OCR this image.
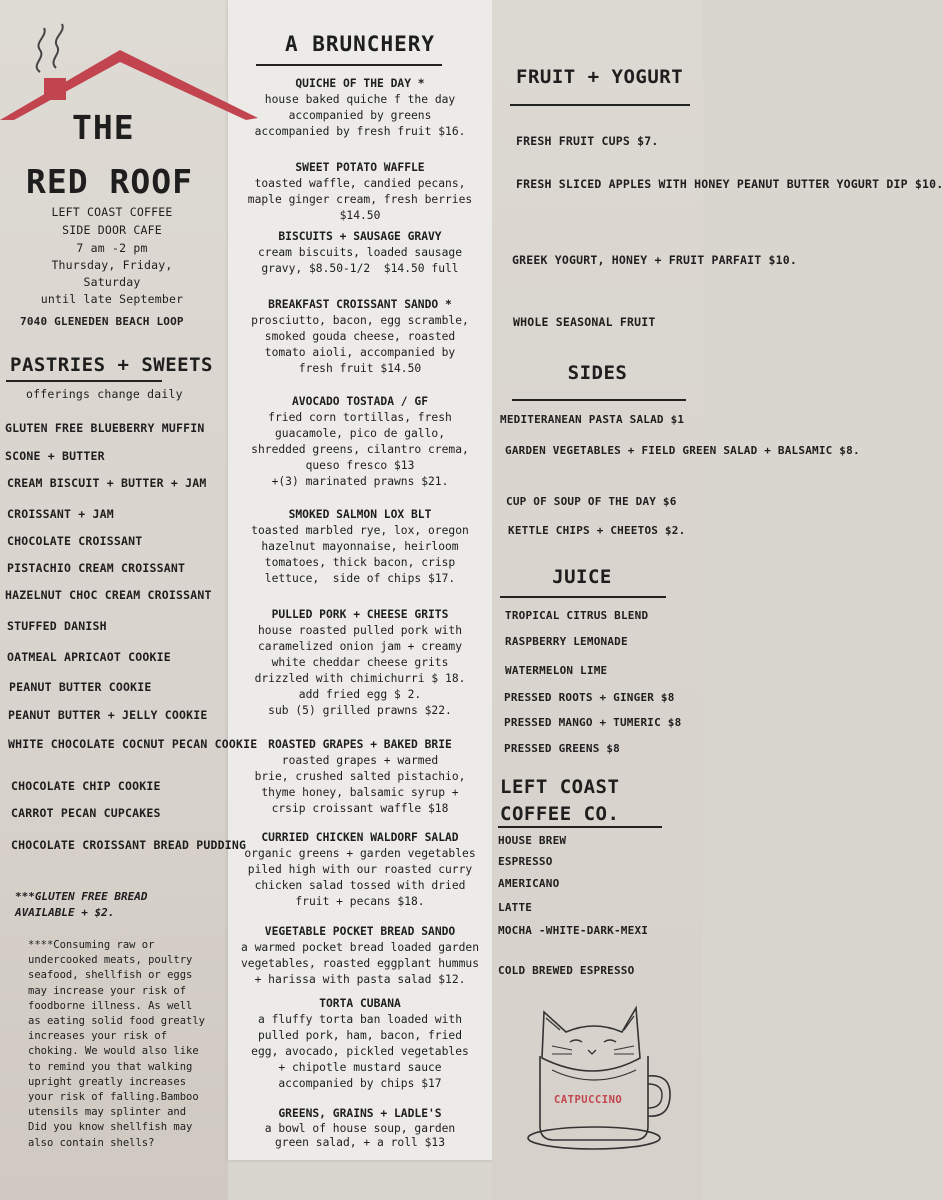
THE
RED ROOF
LEFT COAST COFFEE
SIDE DOOR CAFE
7 am -2 pm
Thursday, Friday,
Saturday
until late September
7040 GLENEDEN BEACH LOOP
PASTRIES + SWEETS
offerings change daily
GLUTEN FREE BLUEBERRY MUFFIN
SCONE + BUTTER
CREAM BISCUIT + BUTTER + JAM
CROISSANT + JAM
CHOCOLATE CROISSANT
PISTACHIO CREAM CROISSANT
HAZELNUT CHOC CREAM CROISSANT
STUFFED DANISH
OATMEAL APRICAOT COOKIE
PEANUT BUTTER COOKIE
PEANUT BUTTER + JELLY COOKIE
WHITE CHOCOLATE COCNUT PECAN COOKIE
CHOCOLATE CHIP COOKIE
CARROT PECAN CUPCAKES
CHOCOLATE CROISSANT BREAD PUDDING
***GLUTEN FREE BREAD
AVAILABLE + $2.
****Consuming raw or
undercooked meats, poultry
seafood, shellfish or eggs
may increase your risk of
foodborne illness. As well
as eating solid food greatly
increases your risk of
choking. We would also like
to remind you that walking
upright greatly increases
your risk of falling.Bamboo
utensils may splinter and
Did you know shellfish may
also contain shells?
A BRUNCHERY
QUICHE OF THE DAY *
house baked quiche f the day
accompanied by greens
accompanied by fresh fruit $16.
SWEET POTATO WAFFLE
toasted waffle, candied pecans,
maple ginger cream, fresh berries
$14.50
BISCUITS + SAUSAGE GRAVY
cream biscuits, loaded sausage
gravy, $8.50-1/2  $14.50 full
BREAKFAST CROISSANT SANDO *
prosciutto, bacon, egg scramble,
smoked gouda cheese, roasted
tomato aioli, accompanied by
fresh fruit $14.50
AVOCADO TOSTADA / GF
fried corn tortillas, fresh
guacamole, pico de gallo,
shredded greens, cilantro crema,
queso fresco $13
+(3) marinated prawns $21.
SMOKED SALMON LOX BLT
toasted marbled rye, lox, oregon
hazelnut mayonnaise, heirloom
tomatoes, thick bacon, crisp
lettuce,  side of chips $17.
PULLED PORK + CHEESE GRITS
house roasted pulled pork with
caramelized onion jam + creamy
white cheddar cheese grits
drizzled with chimichurri $ 18.
add fried egg $ 2.
sub (5) grilled prawns $22.
ROASTED GRAPES + BAKED BRIE
roasted grapes + warmed
brie, crushed salted pistachio,
thyme honey, balsamic syrup +
crsip croissant waffle $18
CURRIED CHICKEN WALDORF SALAD
organic greens + garden vegetables
piled high with our roasted curry
chicken salad tossed with dried
fruit + pecans $18.
VEGETABLE POCKET BREAD SANDO
a warmed pocket bread loaded garden
vegetables, roasted eggplant hummus
+ harissa with pasta salad $12.
TORTA CUBANA
a fluffy torta ban loaded with
pulled pork, ham, bacon, fried
egg, avocado, pickled vegetables
+ chipotle mustard sauce
accompanied by chips $17
GREENS, GRAINS + LADLE'S
a bowl of house soup, garden
green salad, + a roll $13
FRUIT + YOGURT
FRESH FRUIT CUPS $7.
FRESH SLICED APPLES WITH HONEY PEANUT BUTTER YOGURT DIP $10.
GREEK YOGURT, HONEY + FRUIT PARFAIT $10.
WHOLE SEASONAL FRUIT
SIDES
MEDITERANEAN PASTA SALAD $1
GARDEN VEGETABLES + FIELD GREEN SALAD + BALSAMIC $8.
CUP OF SOUP OF THE DAY $6
KETTLE CHIPS + CHEETOS $2.
JUICE
TROPICAL CITRUS BLEND
RASPBERRY LEMONADE
WATERMELON LIME
PRESSED ROOTS + GINGER $8
PRESSED MANGO + TUMERIC $8
PRESSED GREENS $8
LEFT COAST
COFFEE CO.
HOUSE BREW
ESPRESSO
AMERICANO
LATTE
MOCHA -WHITE-DARK-MEXI
COLD BREWED ESPRESSO
CATPUCCINO
